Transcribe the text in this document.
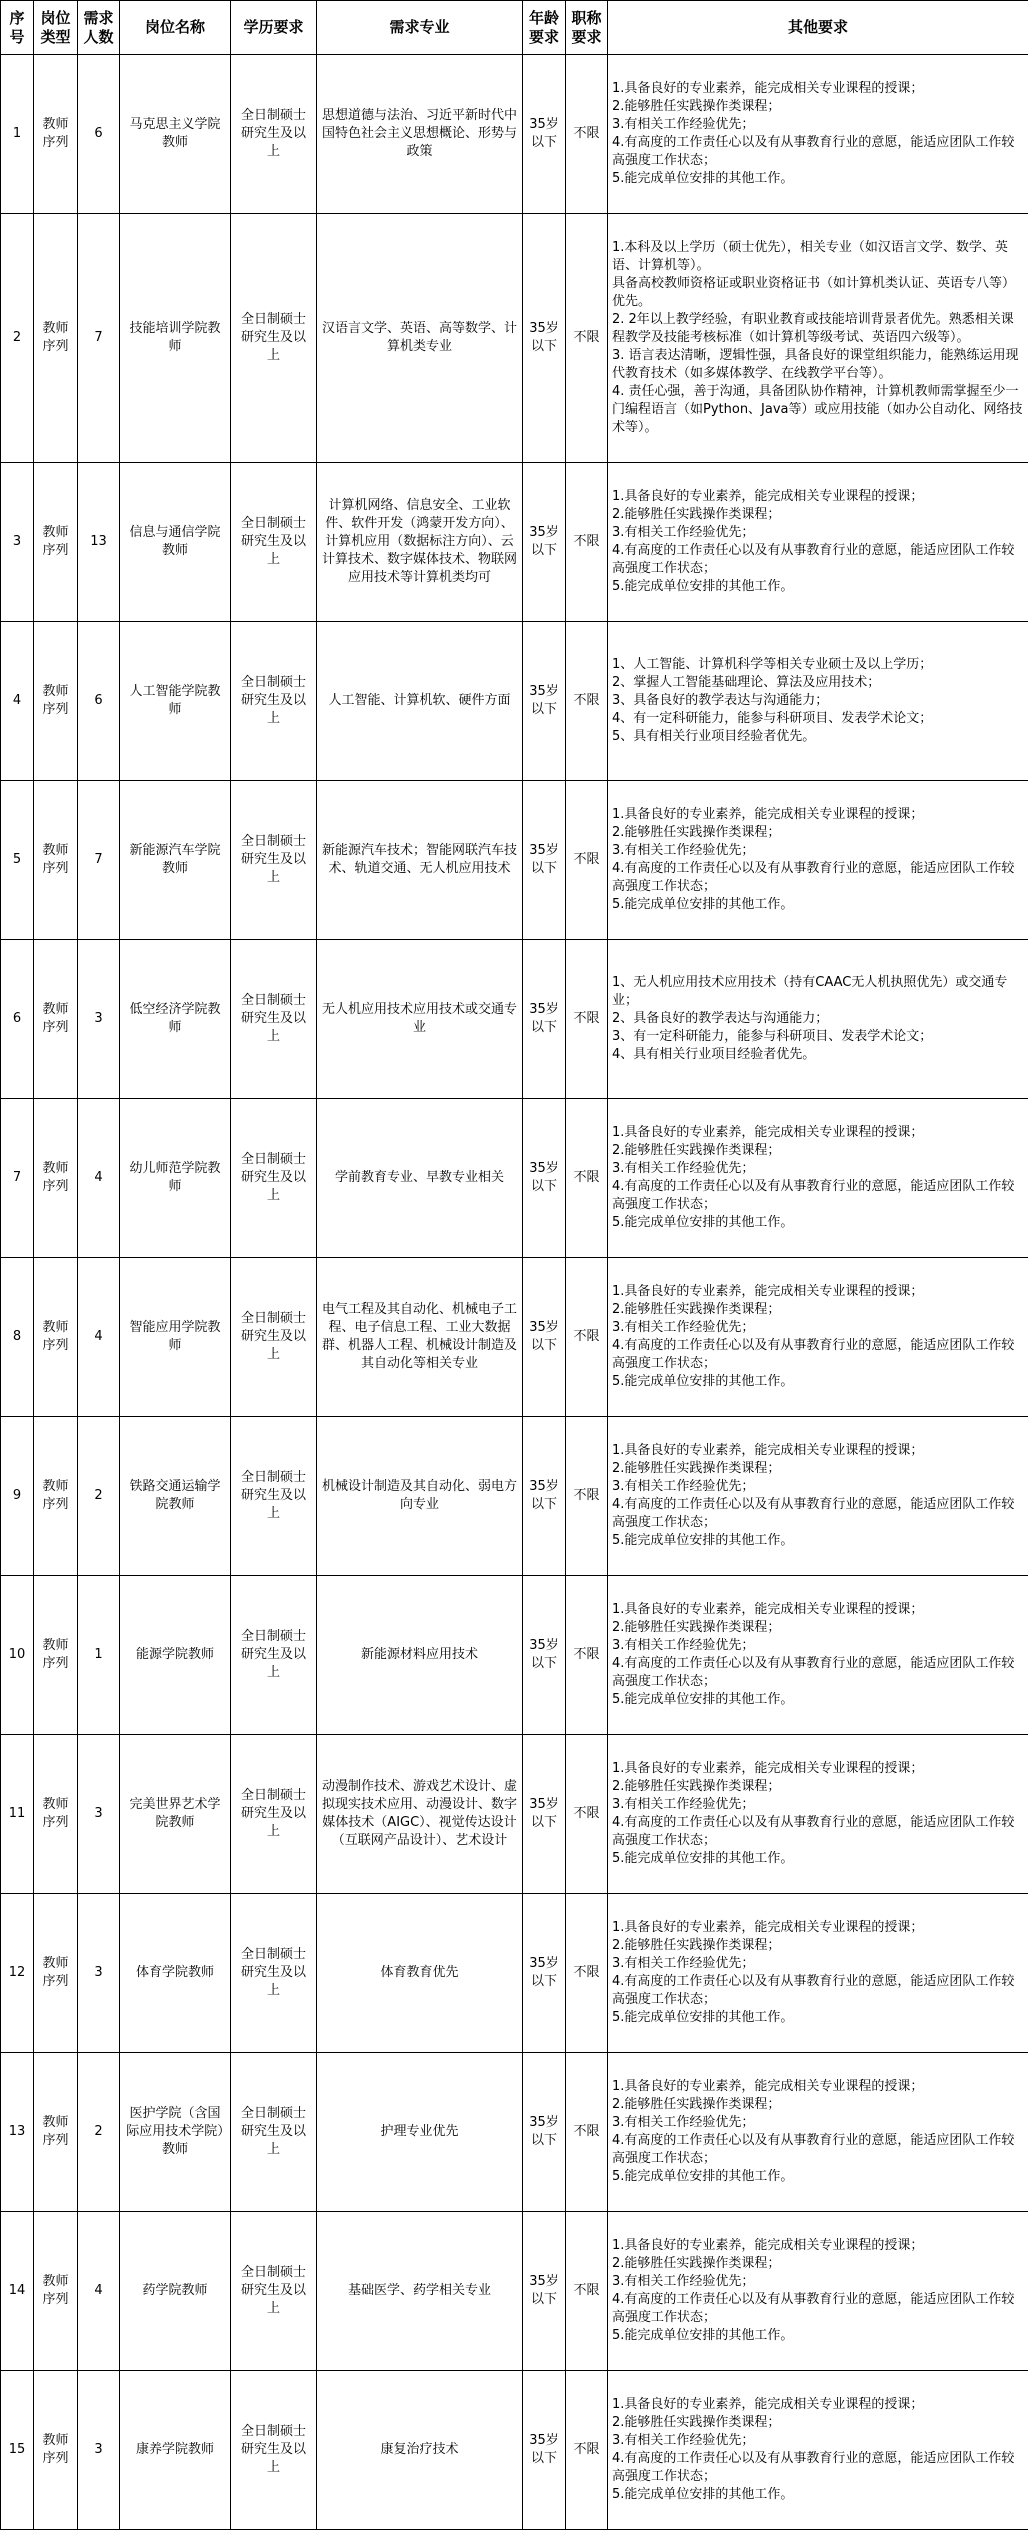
序号	岗位类型	需求人数	岗位名称	学历要求	需求专业	年龄要求	职称要求	其他要求
1	教师序列	6	马克思主义学院教师	全日制硕士研究生及以上	思想道德与法治、习近平新时代中国特色社会主义思想概论、形势与政策	35岁以下	不限	1.具备良好的专业素养，能完成相关专业课程的授课；
2.能够胜任实践操作类课程；
3.有相关工作经验优先；
4.有高度的工作责任心以及有从事教育行业的意愿，能适应团队工作较高强度工作状态；
5.能完成单位安排的其他工作。

2	教师序列	7	技能培训学院教师	全日制硕士研究生及以上	汉语言文学、英语、高等数学、计算机类专业	35岁以下	不限	1.本科及以上学历（硕士优先），相关专业（如汉语言文学、数学、英语、计算机等）。
具备高校教师资格证或职业资格证书（如计算机类认证、英语专八等）优先。
2. 2年以上教学经验，有职业教育或技能培训背景者优先。熟悉相关课程教学及技能考核标准（如计算机等级考试、英语四六级等）。
3. 语言表达清晰，逻辑性强，具备良好的课堂组织能力，能熟练运用现代教育技术（如多媒体教学、在线教学平台等）。
4. 责任心强，善于沟通，具备团队协作精神，计算机教师需掌握至少一门编程语言（如Python、Java等）或应用技能（如办公自动化、网络技术等）。

3	教师序列	13	信息与通信学院教师	全日制硕士研究生及以上	计算机网络、信息安全、工业软件、软件开发（鸿蒙开发方向）、计算机应用（数据标注方向）、云计算技术、数字媒体技术、物联网应用技术等计算机类均可	35岁以下	不限	1.具备良好的专业素养，能完成相关专业课程的授课；
2.能够胜任实践操作类课程；
3.有相关工作经验优先；
4.有高度的工作责任心以及有从事教育行业的意愿，能适应团队工作较高强度工作状态；
5.能完成单位安排的其他工作。

4	教师序列	6	人工智能学院教师	全日制硕士研究生及以上	人工智能、计算机软、硬件方面	35岁以下	不限	1、人工智能、计算机科学等相关专业硕士及以上学历；
2、掌握人工智能基础理论、算法及应用技术；
3、具备良好的教学表达与沟通能力；
4、有一定科研能力，能参与科研项目、发表学术论文；
5、具有相关行业项目经验者优先。

5	教师序列	7	新能源汽车学院教师	全日制硕士研究生及以上	新能源汽车技术；智能网联汽车技术、轨道交通、无人机应用技术	35岁以下	不限	1.具备良好的专业素养，能完成相关专业课程的授课；
2.能够胜任实践操作类课程；
3.有相关工作经验优先；
4.有高度的工作责任心以及有从事教育行业的意愿，能适应团队工作较高强度工作状态；
5.能完成单位安排的其他工作。

6	教师序列	3	低空经济学院教师	全日制硕士研究生及以上	无人机应用技术应用技术或交通专业	35岁以下	不限	1、无人机应用技术应用技术（持有CAAC无人机执照优先）或交通专业；
2、具备良好的教学表达与沟通能力；
3、有一定科研能力，能参与科研项目、发表学术论文；
4、具有相关行业项目经验者优先。

7	教师序列	4	幼儿师范学院教师	全日制硕士研究生及以上	学前教育专业、早教专业相关	35岁以下	不限	1.具备良好的专业素养，能完成相关专业课程的授课；
2.能够胜任实践操作类课程；
3.有相关工作经验优先；
4.有高度的工作责任心以及有从事教育行业的意愿，能适应团队工作较高强度工作状态；
5.能完成单位安排的其他工作。

8	教师序列	4	智能应用学院教师	全日制硕士研究生及以上	电气工程及其自动化、机械电子工程、电子信息工程、工业大数据群、机器人工程、机械设计制造及其自动化等相关专业	35岁以下	不限	1.具备良好的专业素养，能完成相关专业课程的授课；
2.能够胜任实践操作类课程；
3.有相关工作经验优先；
4.有高度的工作责任心以及有从事教育行业的意愿，能适应团队工作较高强度工作状态；
5.能完成单位安排的其他工作。

9	教师序列	2	铁路交通运输学院教师	全日制硕士研究生及以上	机械设计制造及其自动化、弱电方向专业	35岁以下	不限	1.具备良好的专业素养，能完成相关专业课程的授课；
2.能够胜任实践操作类课程；
3.有相关工作经验优先；
4.有高度的工作责任心以及有从事教育行业的意愿，能适应团队工作较高强度工作状态；
5.能完成单位安排的其他工作。

10	教师序列	1	能源学院教师	全日制硕士研究生及以上	新能源材料应用技术	35岁以下	不限	1.具备良好的专业素养，能完成相关专业课程的授课；
2.能够胜任实践操作类课程；
3.有相关工作经验优先；
4.有高度的工作责任心以及有从事教育行业的意愿，能适应团队工作较高强度工作状态；
5.能完成单位安排的其他工作。

11	教师序列	3	完美世界艺术学院教师	全日制硕士研究生及以上	动漫制作技术、游戏艺术设计、虚拟现实技术应用、动漫设计、数字媒体技术（AIGC）、视觉传达设计（互联网产品设计）、艺术设计	35岁以下	不限	1.具备良好的专业素养，能完成相关专业课程的授课；
2.能够胜任实践操作类课程；
3.有相关工作经验优先；
4.有高度的工作责任心以及有从事教育行业的意愿，能适应团队工作较高强度工作状态；
5.能完成单位安排的其他工作。

12	教师序列	3	体育学院教师	全日制硕士研究生及以上	体育教育优先	35岁以下	不限	1.具备良好的专业素养，能完成相关专业课程的授课；
2.能够胜任实践操作类课程；
3.有相关工作经验优先；
4.有高度的工作责任心以及有从事教育行业的意愿，能适应团队工作较高强度工作状态；
5.能完成单位安排的其他工作。

13	教师序列	2	医护学院（含国际应用技术学院）教师	全日制硕士研究生及以上	护理专业优先	35岁以下	不限	1.具备良好的专业素养，能完成相关专业课程的授课；
2.能够胜任实践操作类课程；
3.有相关工作经验优先；
4.有高度的工作责任心以及有从事教育行业的意愿，能适应团队工作较高强度工作状态；
5.能完成单位安排的其他工作。

14	教师序列	4	药学院教师	全日制硕士研究生及以上	基础医学、药学相关专业	35岁以下	不限	1.具备良好的专业素养，能完成相关专业课程的授课；
2.能够胜任实践操作类课程；
3.有相关工作经验优先；
4.有高度的工作责任心以及有从事教育行业的意愿，能适应团队工作较高强度工作状态；
5.能完成单位安排的其他工作。

15	教师序列	3	康养学院教师	全日制硕士研究生及以上	康复治疗技术	35岁以下	不限	1.具备良好的专业素养，能完成相关专业课程的授课；
2.能够胜任实践操作类课程；
3.有相关工作经验优先；
4.有高度的工作责任心以及有从事教育行业的意愿，能适应团队工作较高强度工作状态；
5.能完成单位安排的其他工作。
